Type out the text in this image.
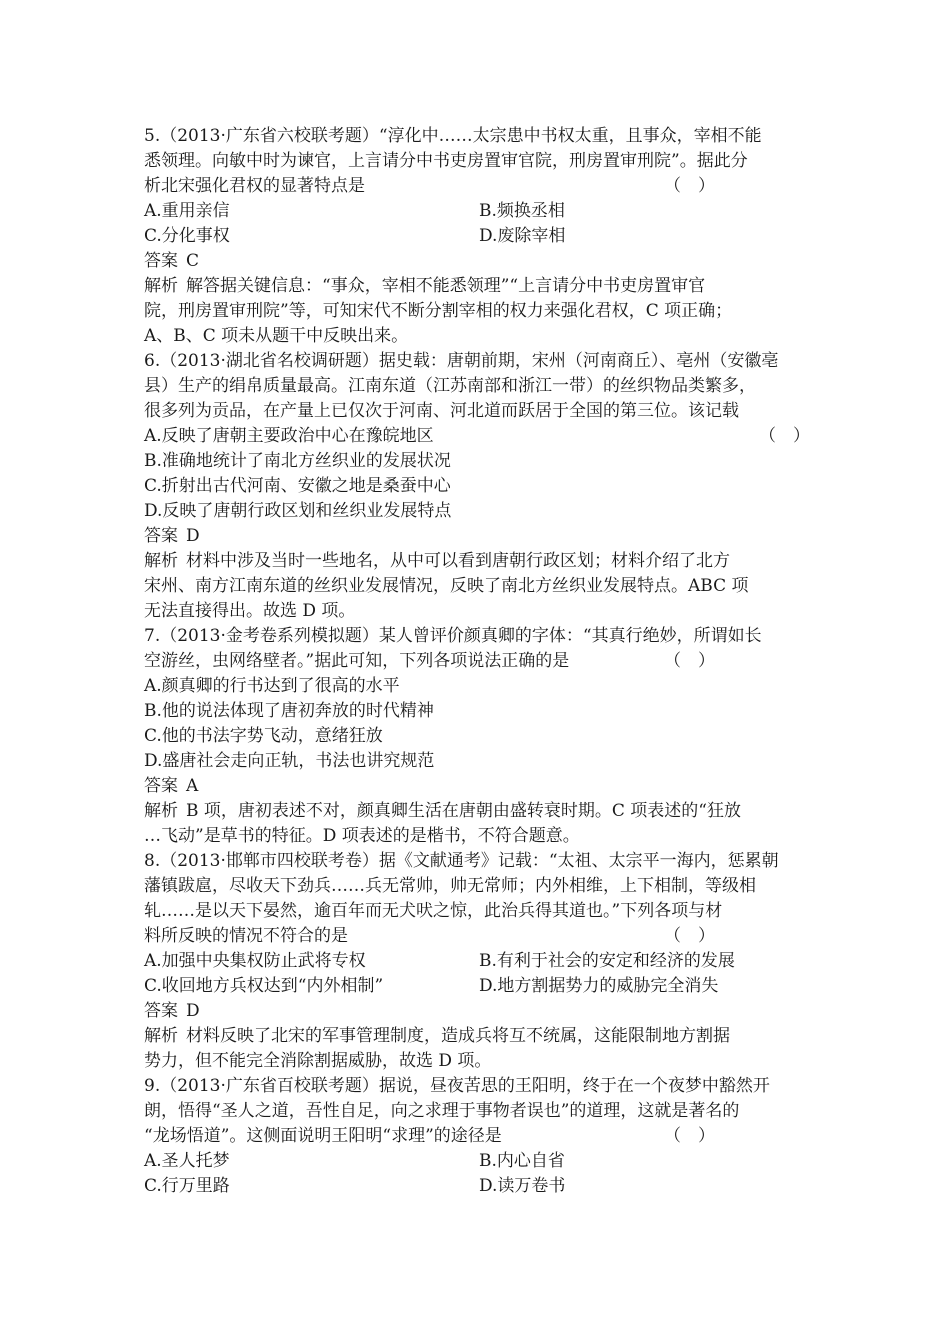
5.（2013·广东省六校联考题）“淳化中……太宗患中书权太重，且事众，宰相不能
悉领理。向敏中时为谏官，上言请分中书吏房置审官院，刑房置审刑院”。据此分
析北宋强化君权的显著特点是	（　）
A.重用亲信	B.频换丞相
C.分化事权	D.废除宰相
答案 C
解析 解答据关键信息：“事众，宰相不能悉领理”“上言请分中书吏房置审官
院，刑房置审刑院”等，可知宋代不断分割宰相的权力来强化君权，C 项正确；
A、B、C 项未从题干中反映出来。
6.（2013·湖北省名校调研题）据史载：唐朝前期，宋州（河南商丘）、亳州（安徽亳
县）生产的绢帛质量最高。江南东道（江苏南部和浙江一带）的丝织物品类繁多，
很多列为贡品，在产量上已仅次于河南、河北道而跃居于全国的第三位。该记载
（　）
A.反映了唐朝主要政治中心在豫皖地区
B.准确地统计了南北方丝织业的发展状况
C.折射出古代河南、安徽之地是桑蚕中心
D.反映了唐朝行政区划和丝织业发展特点
答案 D
解析 材料中涉及当时一些地名，从中可以看到唐朝行政区划；材料介绍了北方
宋州、南方江南东道的丝织业发展情况，反映了南北方丝织业发展特点。ABC 项
无法直接得出。故选 D 项。
7.（2013·金考卷系列模拟题）某人曾评价颜真卿的字体：“其真行绝妙，所谓如长
空游丝，虫网络壁者。”据此可知，下列各项说法正确的是	（　）
A.颜真卿的行书达到了很高的水平
B.他的说法体现了唐初奔放的时代精神
C.他的书法字势飞动，意绪狂放
D.盛唐社会走向正轨，书法也讲究规范
答案 A
解析 B 项，唐初表述不对，颜真卿生活在唐朝由盛转衰时期。C 项表述的“狂放
…飞动”是草书的特征。D 项表述的是楷书，不符合题意。
8.（2013·邯郸市四校联考卷）据《文献通考》记载：“太祖、太宗平一海内，惩累朝
藩镇跋扈，尽收天下劲兵……兵无常帅，帅无常师；内外相维，上下相制，等级相
轧……是以天下晏然，逾百年而无犬吠之惊，此治兵得其道也。”下列各项与材
料所反映的情况不符合的是	（　）
A.加强中央集权防止武将专权	B.有利于社会的安定和经济的发展
C.收回地方兵权达到“内外相制”	D.地方割据势力的威胁完全消失
答案 D
解析 材料反映了北宋的军事管理制度，造成兵将互不统属，这能限制地方割据
势力，但不能完全消除割据威胁，故选 D 项。
9.（2013·广东省百校联考题）据说，昼夜苦思的王阳明，终于在一个夜梦中豁然开
朗，悟得“圣人之道，吾性自足，向之求理于事物者误也”的道理，这就是著名的
“龙场悟道”。这侧面说明王阳明“求理”的途径是	（　）
A.圣人托梦	B.内心自省
C.行万里路	D.读万卷书
